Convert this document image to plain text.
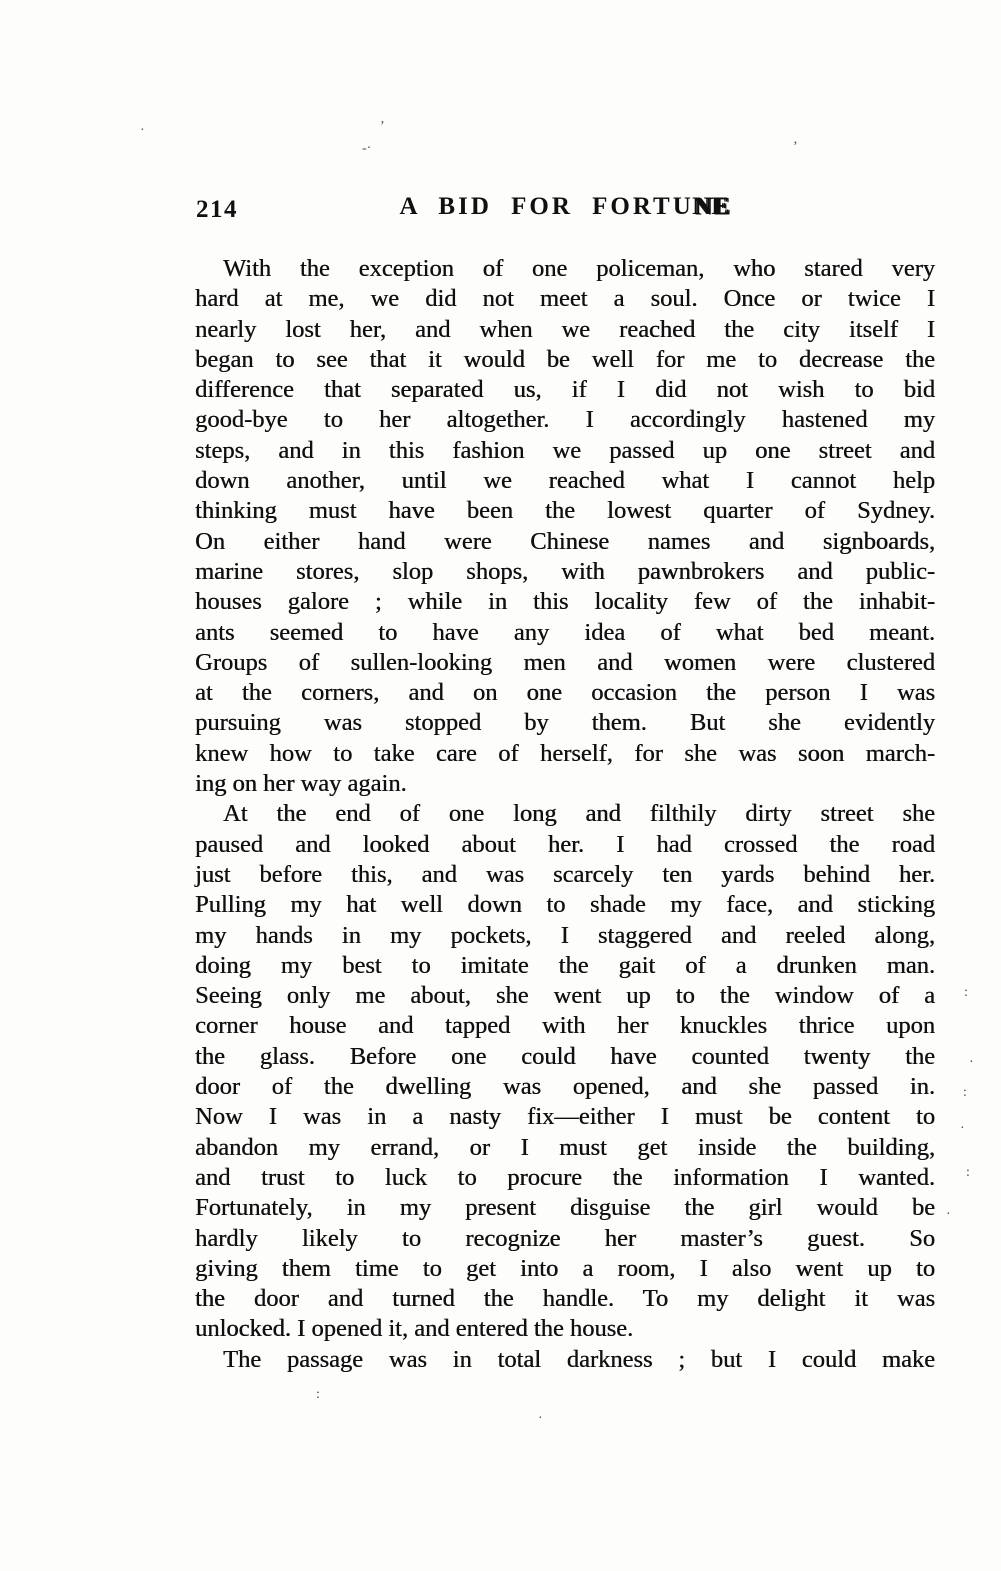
214	A BID FOR FORTUNE
With the exception of one policeman, who stared very
hard at me, we did not meet a soul. Once or twice I
nearly lost her, and when we reached the city itself I
began to see that it would be well for me to decrease the
difference that separated us, if I did not wish to bid
good-bye to her altogether. I accordingly hastened my
steps, and in this fashion we passed up one street and
down another, until we reached what I cannot help
thinking must have been the lowest quarter of Sydney.
On either hand were Chinese names and signboards,
marine stores, slop shops, with pawnbrokers and public-
houses galore ; while in this locality few of the inhabit-
ants seemed to have any idea of what bed meant.
Groups of sullen-looking men and women were clustered
at the corners, and on one occasion the person I was
pursuing was stopped by them. But she evidently
knew how to take care of herself, for she was soon march-
ing on her way again.
At the end of one long and filthily dirty street she
paused and looked about her. I had crossed the road
just before this, and was scarcely ten yards behind her.
Pulling my hat well down to shade my face, and sticking
my hands in my pockets, I staggered and reeled along,
doing my best to imitate the gait of a drunken man.
Seeing only me about, she went up to the window of a
corner house and tapped with her knuckles thrice upon
the glass. Before one could have counted twenty the
door of the dwelling was opened, and she passed in.
Now I was in a nasty fix—either I must be content to
abandon my errand, or I must get inside the building,
and trust to luck to procure the information I wanted.
Fortunately, in my present disguise the girl would be
hardly likely to recognize her master’s guest. So
giving them time to get into a room, I also went up to
the door and turned the handle. To my delight it was
unlocked. I opened it, and entered the house.
The passage was in total darkness ; but I could make
·	’
-·
‚
:
·
:
·
:
·
:
·
